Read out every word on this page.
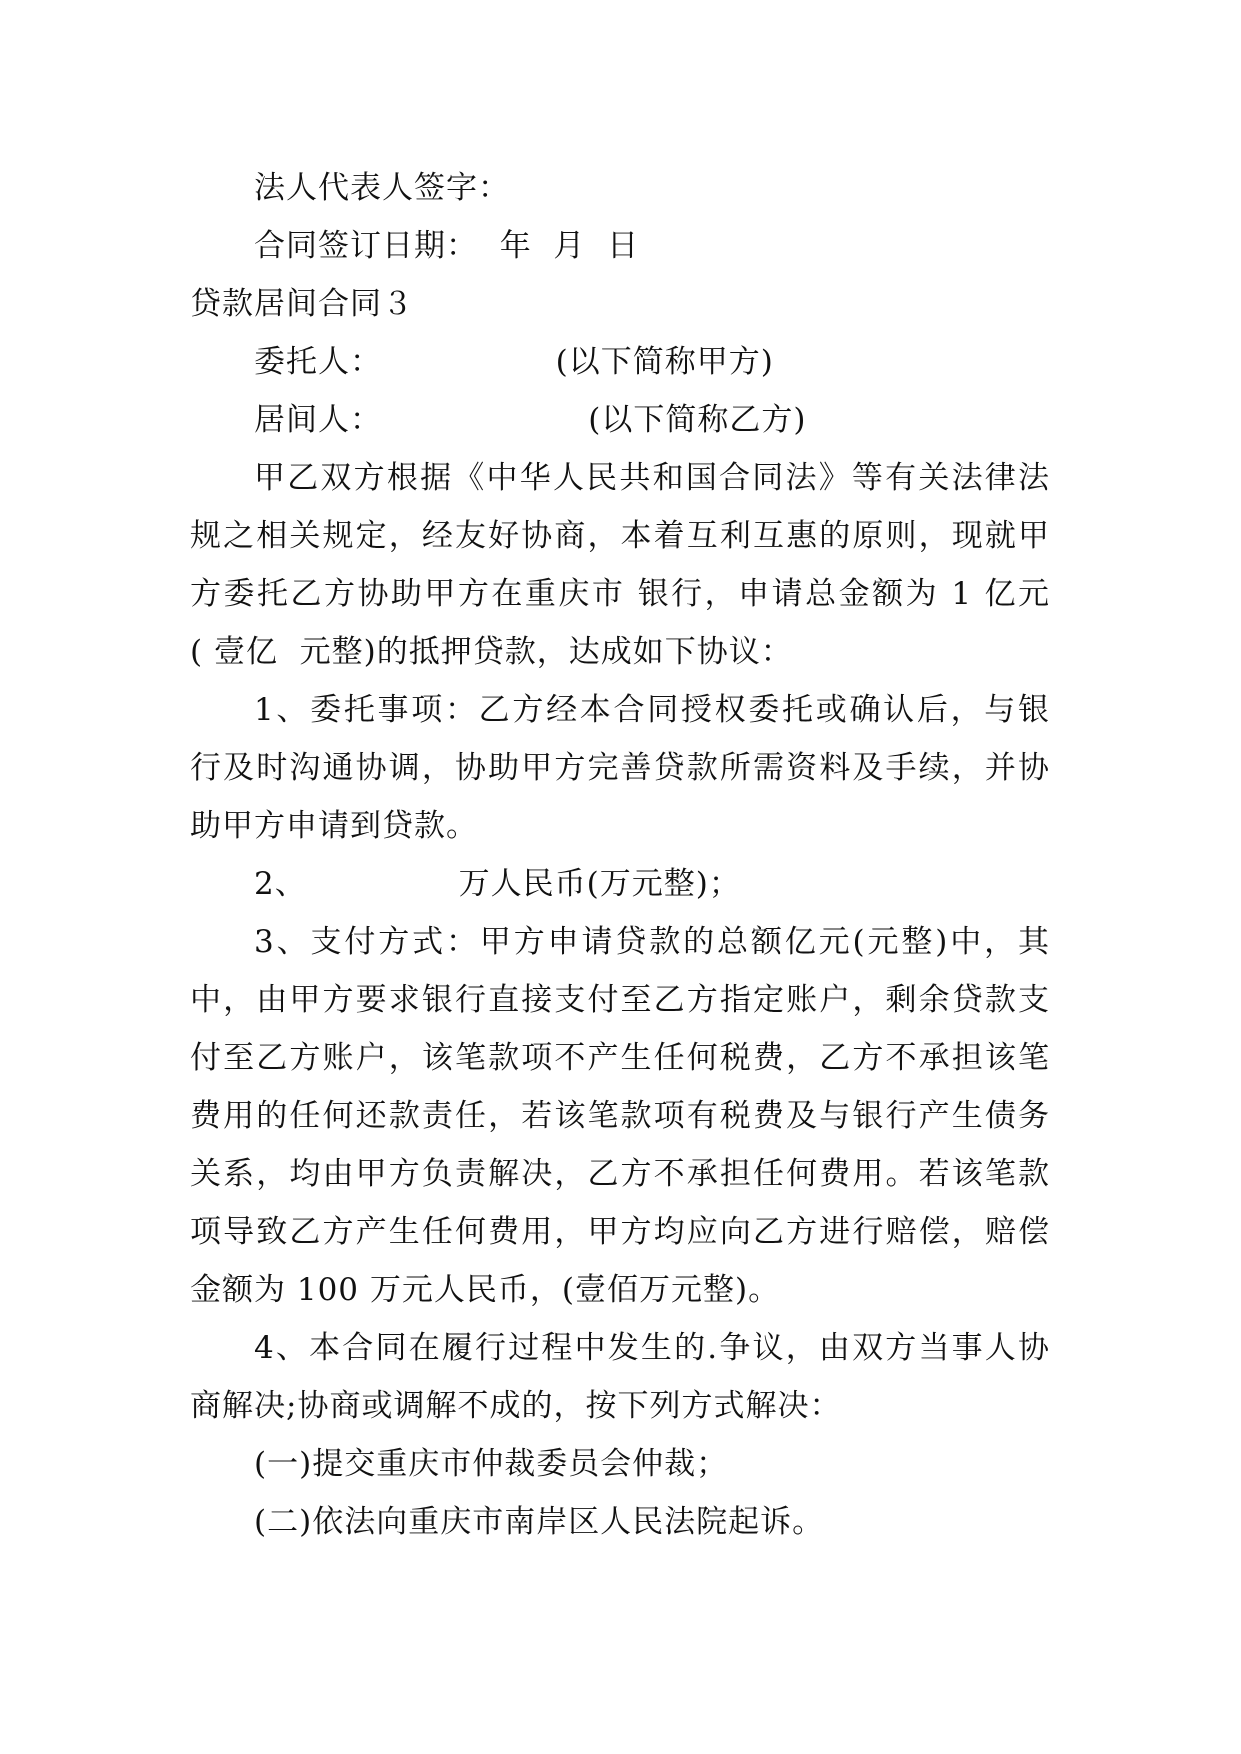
法人代表人签字：
合同签订日期：  年  月  日
贷款居间合同３
委托人：                (以下简称甲方)
居间人：                   (以下简称乙方)
甲乙双方根据《中华人民共和国合同法》等有关法律法
规之相关规定，经友好协商，本着互利互惠的原则，现就甲
方委托乙方协助甲方在重庆市 银行，申请总金额为 1 亿元
( 壹亿  元整)的抵押贷款，达成如下协议：
1、委托事项：乙方经本合同授权委托或确认后，与银
行及时沟通协调，协助甲方完善贷款所需资料及手续，并协
助甲方申请到贷款。
2、              万人民币(万元整)；
3、支付方式：甲方申请贷款的总额亿元(元整)中，其
中，由甲方要求银行直接支付至乙方指定账户，剩余贷款支
付至乙方账户，该笔款项不产生任何税费，乙方不承担该笔
费用的任何还款责任，若该笔款项有税费及与银行产生债务
关系，均由甲方负责解决，乙方不承担任何费用。若该笔款
项导致乙方产生任何费用，甲方均应向乙方进行赔偿，赔偿
金额为 100 万元人民币，(壹佰万元整)。
4、本合同在履行过程中发生的.争议，由双方当事人协
商解决;协商或调解不成的，按下列方式解决：
(一)提交重庆市仲裁委员会仲裁；
(二)依法向重庆市南岸区人民法院起诉。
